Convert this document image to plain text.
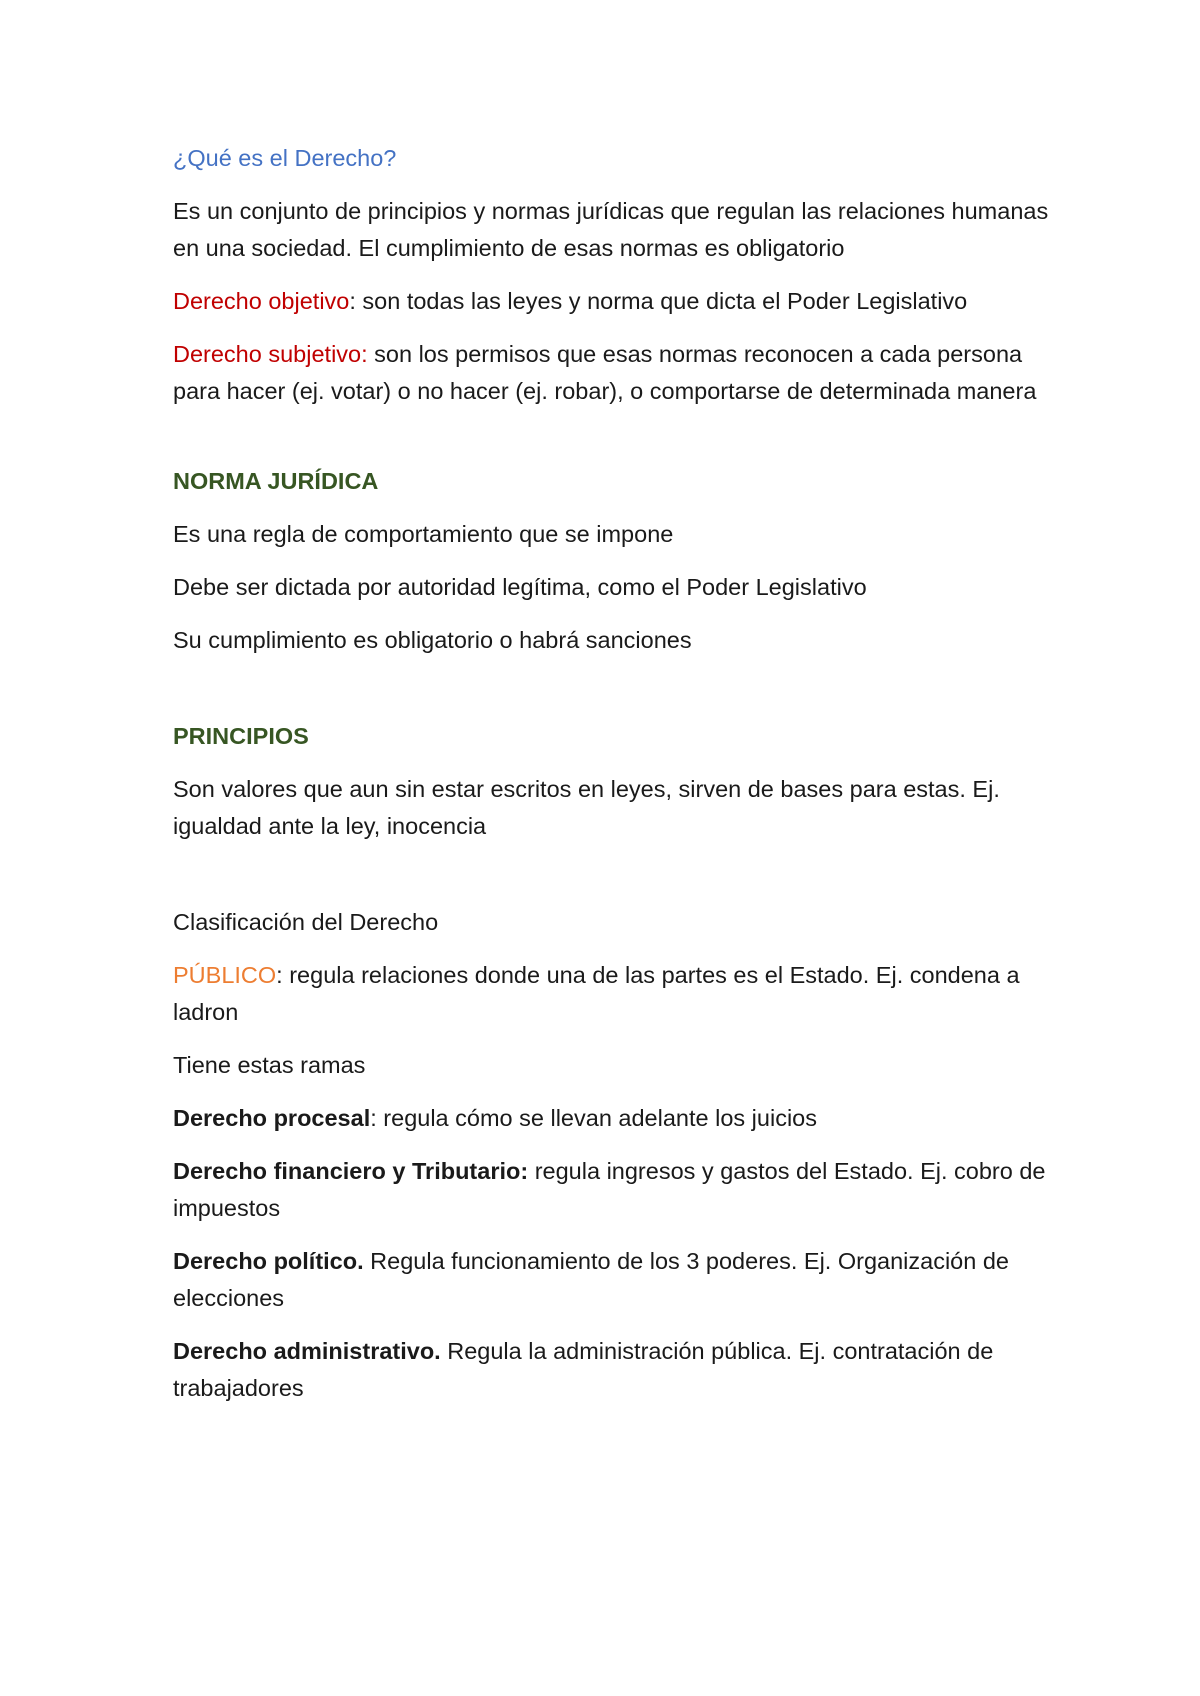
¿Qué es el Derecho?

Es un conjunto de principios y normas jurídicas que regulan las relaciones humanas en una sociedad. El cumplimiento de esas normas es obligatorio

Derecho objetivo: son todas las leyes y norma que dicta el Poder Legislativo

Derecho subjetivo: son los permisos que esas normas reconocen a cada persona para hacer (ej. votar) o no hacer (ej. robar), o comportarse de determinada manera

NORMA JURÍDICA

Es una regla de comportamiento que se impone

Debe ser dictada por autoridad legítima, como el Poder Legislativo

Su cumplimiento es obligatorio o habrá sanciones

PRINCIPIOS

Son valores que aun sin estar escritos en leyes, sirven de bases para estas. Ej. igualdad ante la ley, inocencia

Clasificación del Derecho

PÚBLICO: regula relaciones donde una de las partes es el Estado. Ej. condena a ladron

Tiene estas ramas

Derecho procesal: regula cómo se llevan adelante los juicios

Derecho financiero y Tributario: regula ingresos y gastos del Estado. Ej. cobro de impuestos

Derecho político. Regula funcionamiento de los 3 poderes. Ej. Organización de elecciones

Derecho administrativo. Regula la administración pública. Ej. contratación de trabajadores
